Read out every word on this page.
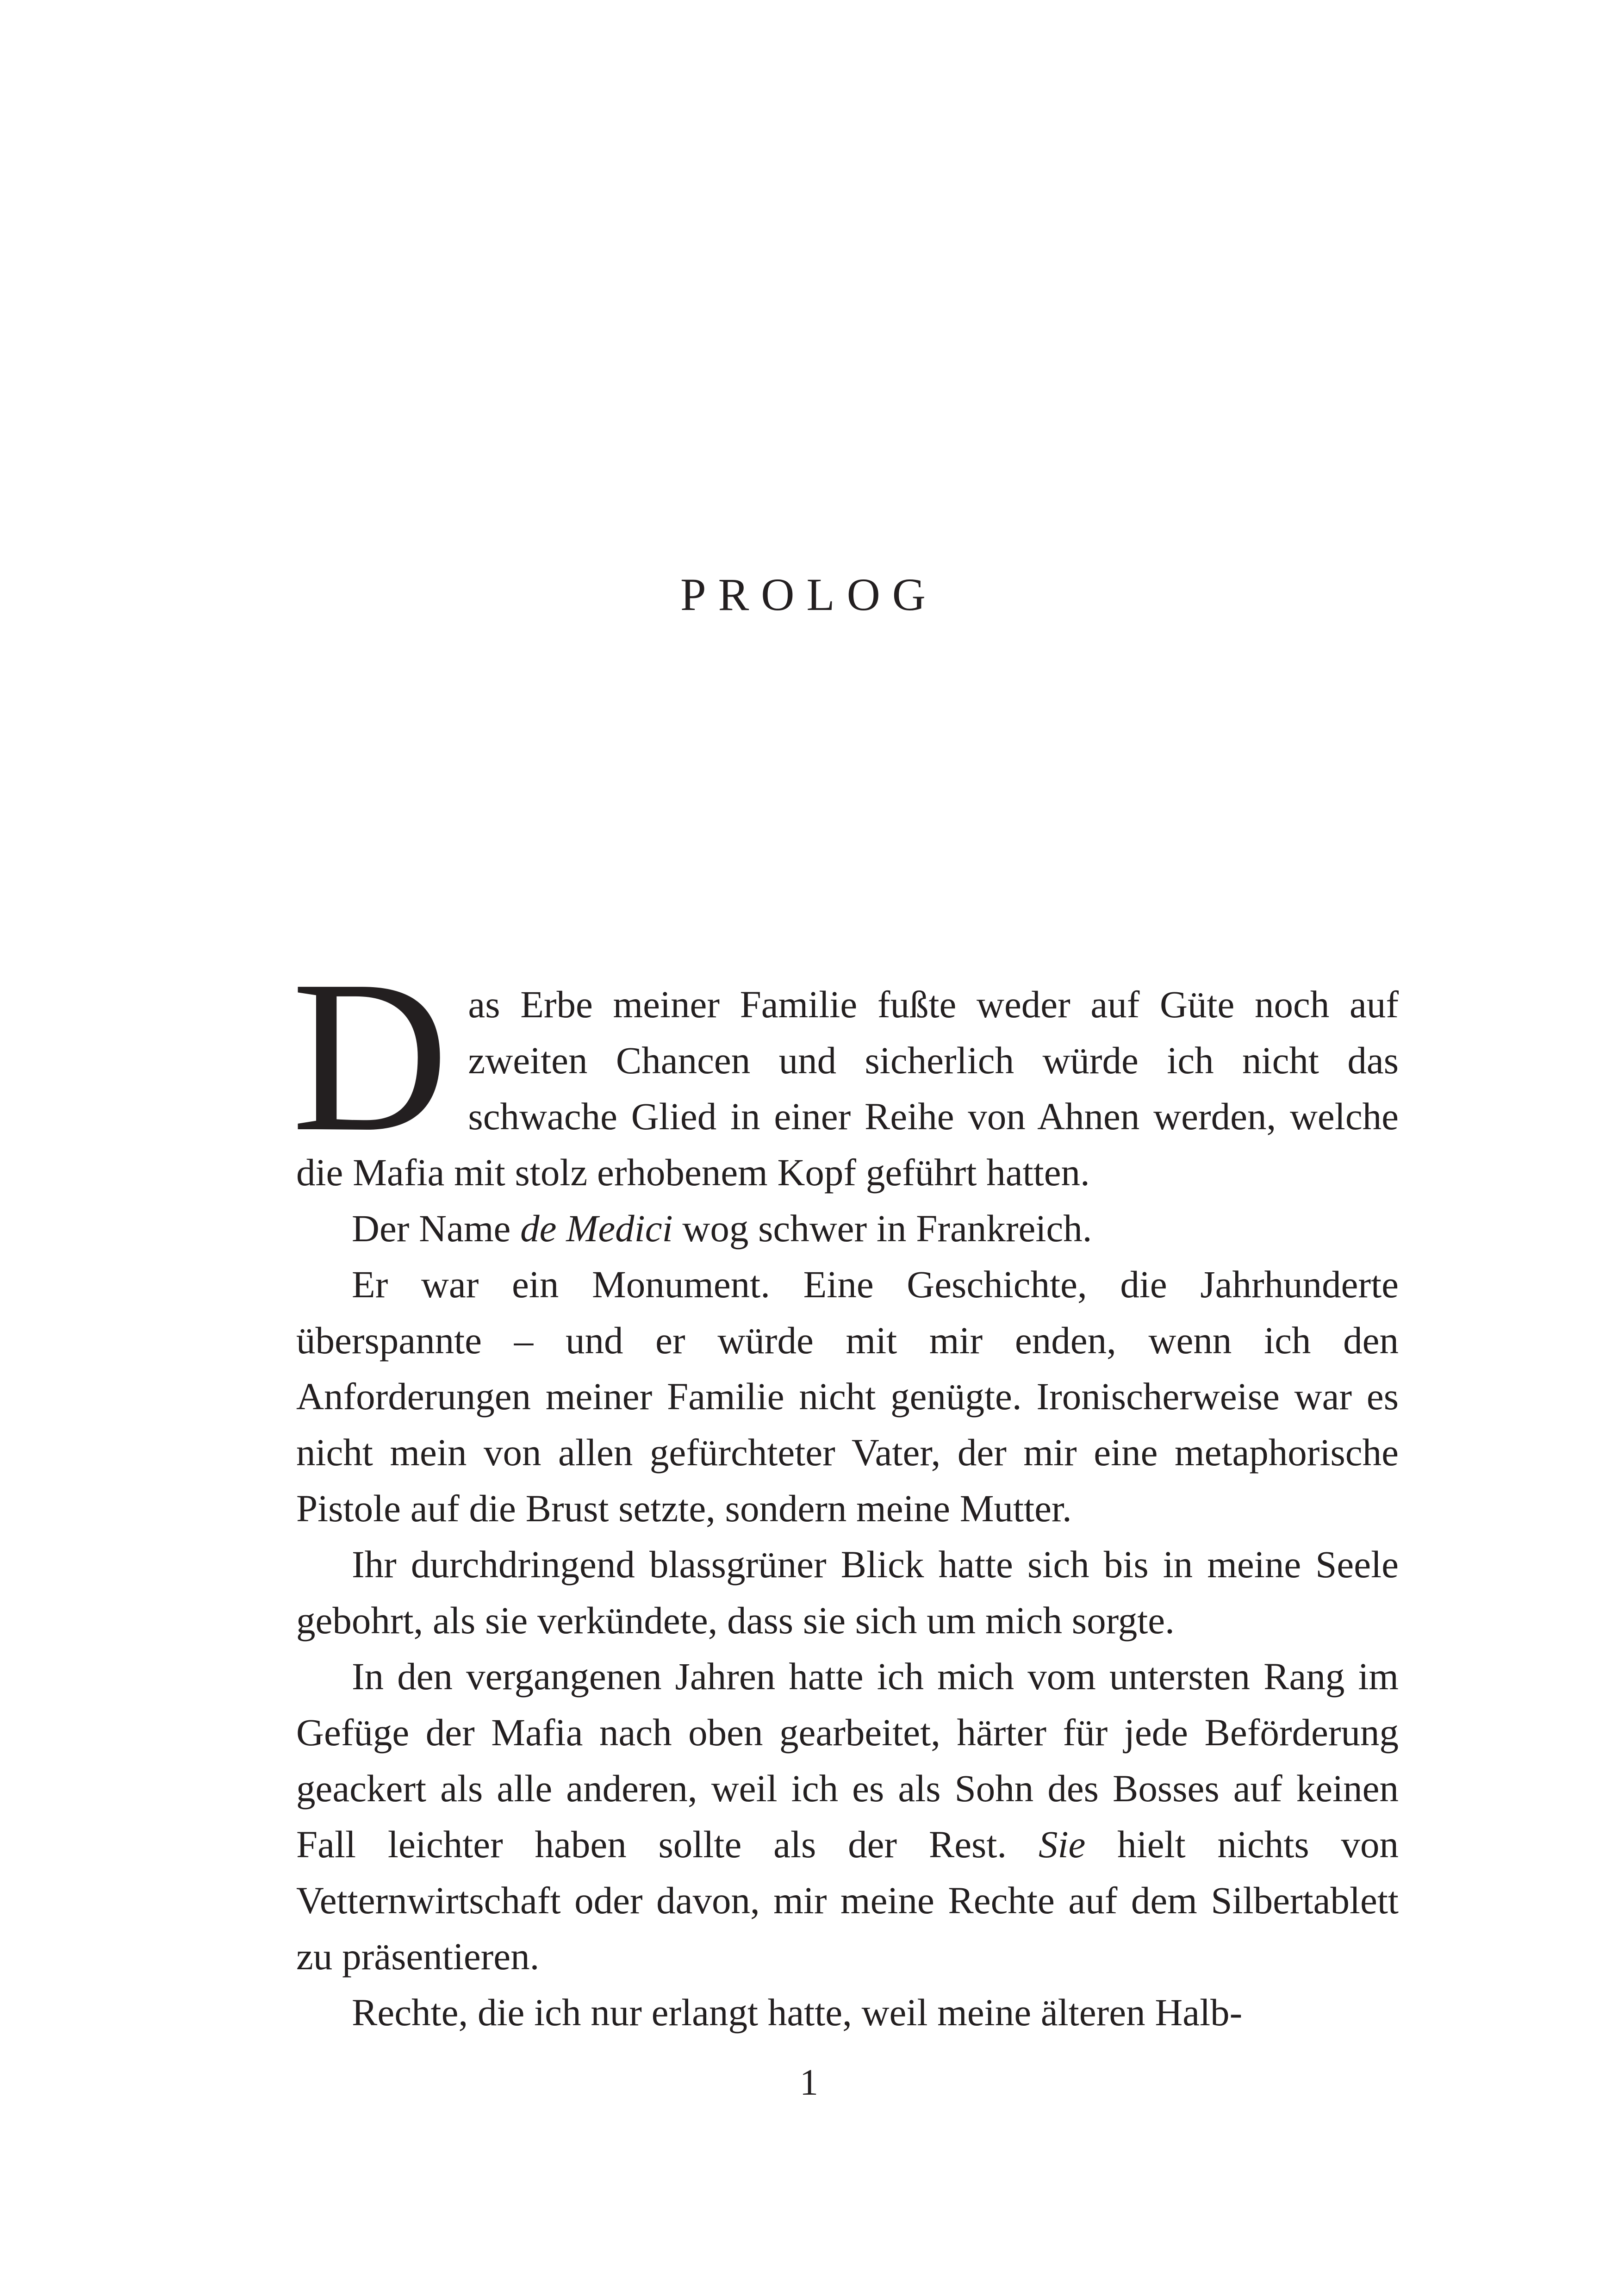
PROLOG

Das Erbe meiner Familie fußte weder auf Güte noch auf zweiten Chancen und sicherlich würde ich nicht das schwache Glied in einer Reihe von Ahnen werden, welche die Mafia mit stolz erhobenem Kopf geführt hatten.

Der Name de Medici wog schwer in Frankreich.

Er war ein Monument. Eine Geschichte, die Jahrhunderte überspannte – und er würde mit mir enden, wenn ich den Anforderungen meiner Familie nicht genügte. Ironischerweise war es nicht mein von allen gefürchteter Vater, der mir eine metaphorische Pistole auf die Brust setzte, sondern meine Mutter.

Ihr durchdringend blassgrüner Blick hatte sich bis in meine Seele gebohrt, als sie verkündete, dass sie sich um mich sorgte.

In den vergangenen Jahren hatte ich mich vom untersten Rang im Gefüge der Mafia nach oben gearbeitet, härter für jede Beförderung geackert als alle anderen, weil ich es als Sohn des Bosses auf keinen Fall leichter haben sollte als der Rest. Sie hielt nichts von Vetternwirtschaft oder davon, mir meine Rechte auf dem Silbertablett zu präsentieren.

Rechte, die ich nur erlangt hatte, weil meine älteren Halb-

1
